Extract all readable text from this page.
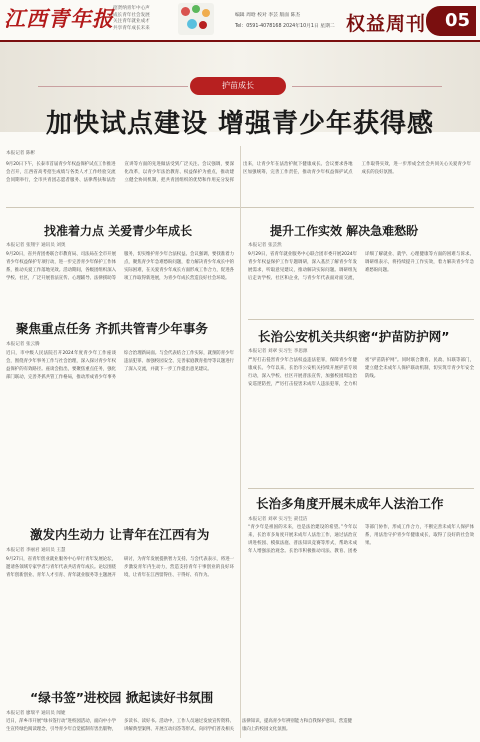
江西青年报 招贤纳青年中心声
成长青年社会发展
关注青年就业成才
共享青年成长未来
编辑 周晗 校对 李芸 版面 陈杰
Tel：0591-4078168 2024年10月1日 星期二 权益周刊	05
护苗成长
加快试点建设 增强青少年获得感
本报记者 陈彬
9月20日下午，长泰市首届青少年权益保护试点工作推进会召开，江西省高考招生成绩与各类人才工作经验交流会同期举行，全市共青团志愿者服务、法律帮扶和法治宣讲等方面的先进做法受到广泛关注。会议强调，要深化改革，以青少年法治教育、权益保护为重点，推动建立健全协同机制，把共青团组织的优势和作用充分发挥出来，让青少年在法治护航下健康成长。会议要求各地区加强统筹，完善工作责任，推动青少年权益保护试点工作取得实效，进一步形成全社会共同关心关爱青少年成长的良好氛围。
找准着力点 关爱青少年成长
本报记者 张翔宇 通讯员 刘奥
9月20日，省共青团委联合市教育局、司法局在全市开展青少年权益保护专项行动，进一步完善青少年保护工作体系，推动关爱工作落地见效。活动期间，各级团组织深入学校、社区，广泛开展普法宣传、心理辅导、法律援助等服务，切实维护青少年合法权益。会议强调，要找准着力点，聚焦青少年急难愁盼问题，着力解决青少年成长中的实际困难，在关爱青少年成长方面形成工作合力，促进各项工作取得新进展，为青少年成长营造良好社会环境。
聚焦重点任务 齐抓共管青少年事务
本报记者 张云腾
近日，市中级人民法院召开2024年度青少年工作座谈会，围绕青少年事务工作与社会治理，深入探讨青少年权益保护的有效路径。座谈会指出，要聚焦重点任务，强化部门联动，完善齐抓共管工作格局，推动形成青少年事务综合治理新局面。与会代表结合工作实际，就预防青少年违法犯罪、加强校园安全、完善家庭教育指导等议题进行了深入交流，并就下一步工作提出意见建议。
激发内生动力 让青年在江西有为
本报记者 李丽君 通讯员 王慧
9月27日，省青年创业就业服务中心举行青年发展论坛，邀请各领域专家学者与青年代表共话青年成长。论坛围绕青年创新创业、青年人才引育、青年就业服务等主题展开研讨，为青年发展提供智力支持。与会代表表示，将进一步激发青年内生动力，营造支持青年干事创业的良好环境，让青年在江西留得住、干得好、有作为。
“绿书签”进校园 掀起读好书氛围
本报记者 廖瑞平 通讯员 闻婕
近日，萍乡市开展“绿书签行动”进校园活动，面向中小学生宣传绿色阅读理念，引导青少年自觉抵制有害出版物，多读书、读好书。活动中，工作人员通过发放宣传资料、讲解典型案例、开展互动问答等形式，向同学们普及相关法律知识，提高青少年辨别能力和自我保护意识，营造健康向上的校园文化氛围。
提升工作实效 解决急难愁盼
本报记者 张芸然
9月29日，省青年就业服务中心联合团市委开展2024年青少年权益保护工作专题调研，深入基层了解青少年发展需求，听取意见建议，推动解决实际问题。调研组先后走访学校、社区和企业，与青少年代表面对面交流，详细了解就业、就学、心理健康等方面的困难与诉求。调研组表示，将持续提升工作实效，着力解决青少年急难愁盼问题。
长治公安机关共织密“护苗防护网”
本报记者 刘翠 实习生 李思源
严厉打击侵害青少年合法权益违法犯罪，保障青少年健康成长。今年以来，长治市公安机关持续开展护苗专项行动，深入学校、社区开展普法宣传，加强校园周边治安巡逻防控，严厉打击侵害未成年人违法犯罪，全力织密“护苗防护网”。同时联合教育、民政、妇联等部门，建立健全未成年人保护联动机制，切实筑牢青少年安全防线。
长治多角度开展未成年人法治工作
本报记者 刘翠 实习生 聂佳洁
“青少年是祖国的未来，也是法治建设的希望。”今年以来，长治市多角度开展未成年人法治工作，通过法治宣讲进校园、模拟法庭、普法知识竞赛等形式，帮助未成年人增强法治观念。长治市积极推动司法、教育、团委等部门协作，形成工作合力，不断完善未成年人保护体系，用法治守护青少年健康成长，取得了良好的社会效果。
